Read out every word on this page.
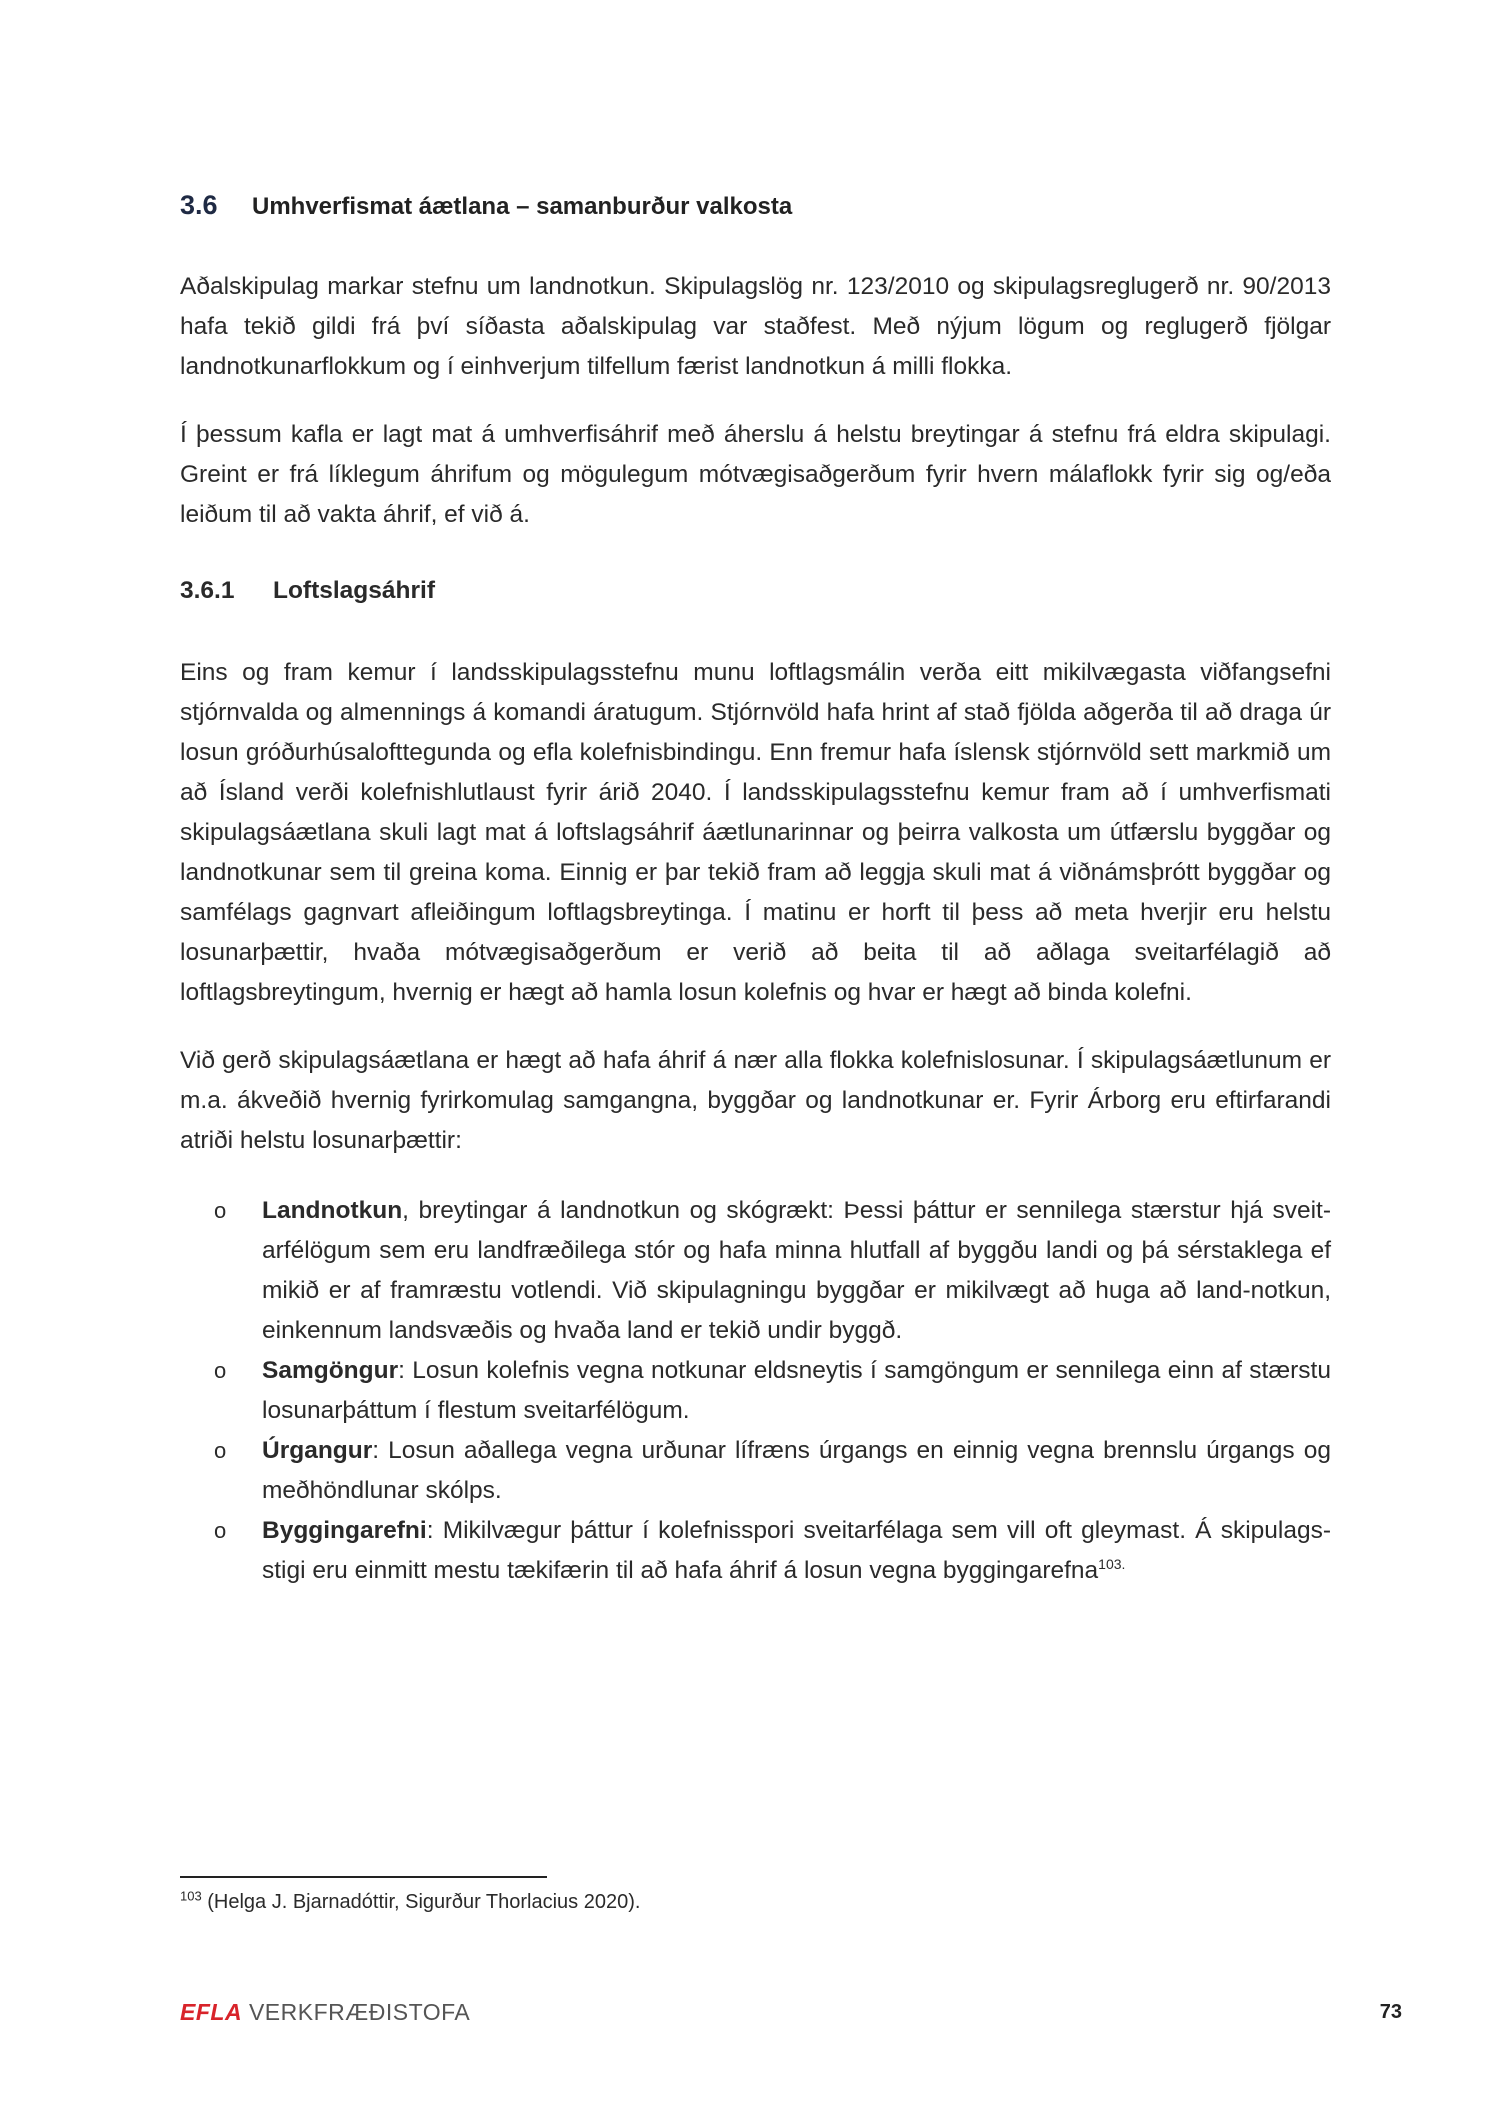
3.6	Umhverfismat áætlana – samanburður valkosta

Aðalskipulag markar stefnu um landnotkun. Skipulagslög nr. 123/2010 og skipulagsreglugerð nr. 90/2013 hafa tekið gildi frá því síðasta aðalskipulag var staðfest. Með nýjum lögum og reglugerð fjölgar landnotkunarflokkum og í einhverjum tilfellum færist landnotkun á milli flokka.

Í þessum kafla er lagt mat á umhverfisáhrif með áherslu á helstu breytingar á stefnu frá eldra skipulagi. Greint er frá líklegum áhrifum og mögulegum mótvægisaðgerðum fyrir hvern málaflokk fyrir sig og/eða leiðum til að vakta áhrif, ef við á.

3.6.1	Loftslagsáhrif

Eins og fram kemur í landsskipulagsstefnu munu loftlagsmálin verða eitt mikilvægasta viðfangsefni stjórnvalda og almennings á komandi áratugum. Stjórnvöld hafa hrint af stað fjölda aðgerða til að draga úr losun gróðurhúsalofttegunda og efla kolefnisbindingu. Enn fremur hafa íslensk stjórnvöld sett markmið um að Ísland verði kolefnishlutlaust fyrir árið 2040. Í landsskipulagsstefnu kemur fram að í umhverfismati skipulagsáætlana skuli lagt mat á loftslagsáhrif áætlunarinnar og þeirra valkosta um útfærslu byggðar og landnotkunar sem til greina koma. Einnig er þar tekið fram að leggja skuli mat á viðnámsþrótt byggðar og samfélags gagnvart afleiðingum loftlagsbreytinga. Í matinu er horft til þess að meta hverjir eru helstu losunarþættir, hvaða mótvægisaðgerðum er verið að beita til að aðlaga sveitarfélagið að loftlagsbreytingum, hvernig er hægt að hamla losun kolefnis og hvar er hægt að binda kolefni.

Við gerð skipulagsáætlana er hægt að hafa áhrif á nær alla flokka kolefnislosunar. Í skipulagsáætlunum er m.a. ákveðið hvernig fyrirkomulag samgangna, byggðar og landnotkunar er. Fyrir Árborg eru eftirfarandi atriði helstu losunarþættir:

o Landnotkun, breytingar á landnotkun og skógrækt: Þessi þáttur er sennilega stærstur hjá sveit-arfélögum sem eru landfræðilega stór og hafa minna hlutfall af byggðu landi og þá sérstaklega ef mikið er af framræstu votlendi. Við skipulagningu byggðar er mikilvægt að huga að land-notkun, einkennum landsvæðis og hvaða land er tekið undir byggð.
o Samgöngur: Losun kolefnis vegna notkunar eldsneytis í samgöngum er sennilega einn af stærstu losunarþáttum í flestum sveitarfélögum.
o Úrgangur: Losun aðallega vegna urðunar lífræns úrgangs en einnig vegna brennslu úrgangs og meðhöndlunar skólps.
o Byggingarefni: Mikilvægur þáttur í kolefnisspori sveitarfélaga sem vill oft gleymast. Á skipulags-stigi eru einmitt mestu tækifærin til að hafa áhrif á losun vegna byggingarefna$^{103.}$
$^{103}$ (Helga J. Bjarnadóttir, Sigurður Thorlacius 2020).
EFLA VERKFRÆÐISTOFA	73
